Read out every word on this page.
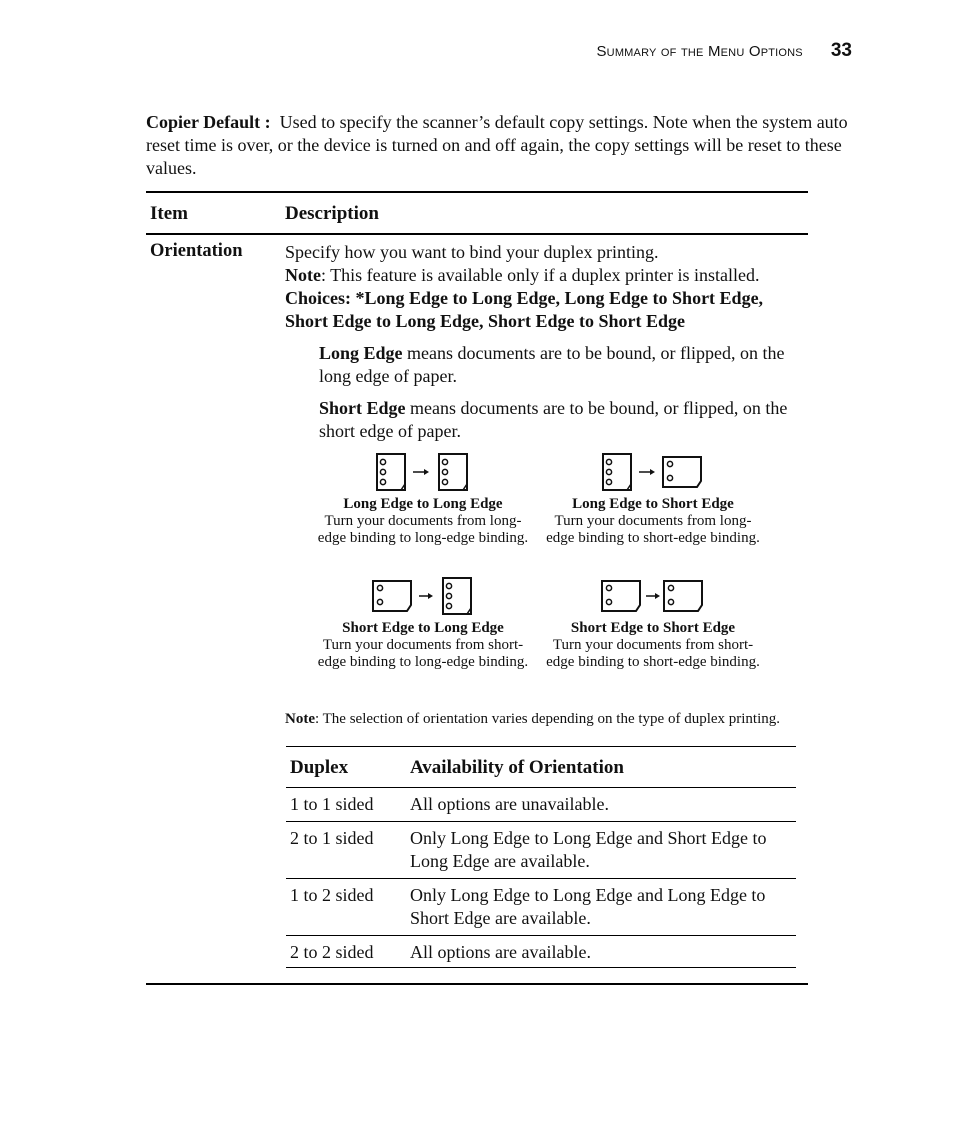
Summary of the Menu Options 33

Copier Default : Used to specify the scanner’s default copy settings. Note when the system auto reset time is over, or the device is turned on and off again, the copy settings will be reset to these values.

Item	Description
Orientation Specify how you want to bind your duplex printing.

Note: This feature is available only if a duplex printer is installed.

Choices: *Long Edge to Long Edge, Long Edge to Short Edge, Short Edge to Long Edge, Short Edge to Short Edge

Long Edge means documents are to be bound, or flipped, on the long edge of paper.

Short Edge means documents are to be bound, or flipped, on the short edge of paper.

Long Edge to Long Edge
Turn your documents from long-
edge binding to long-edge binding.
Long Edge to Short Edge
Turn your documents from long-
edge binding to short-edge binding.
Short Edge to Long Edge
Turn your documents from short-
edge binding to long-edge binding.
Short Edge to Short Edge
Turn your documents from short-
edge binding to short-edge binding.

Note: The selection of orientation varies depending on the type of duplex printing.

Duplex	Availability of Orientation
1 to 1 sided All options are unavailable.
2 to 1 sided Only Long Edge to Long Edge and Short Edge to Long Edge are available.
1 to 2 sided Only Long Edge to Long Edge and Long Edge to Short Edge are available.
2 to 2 sided All options are available.
